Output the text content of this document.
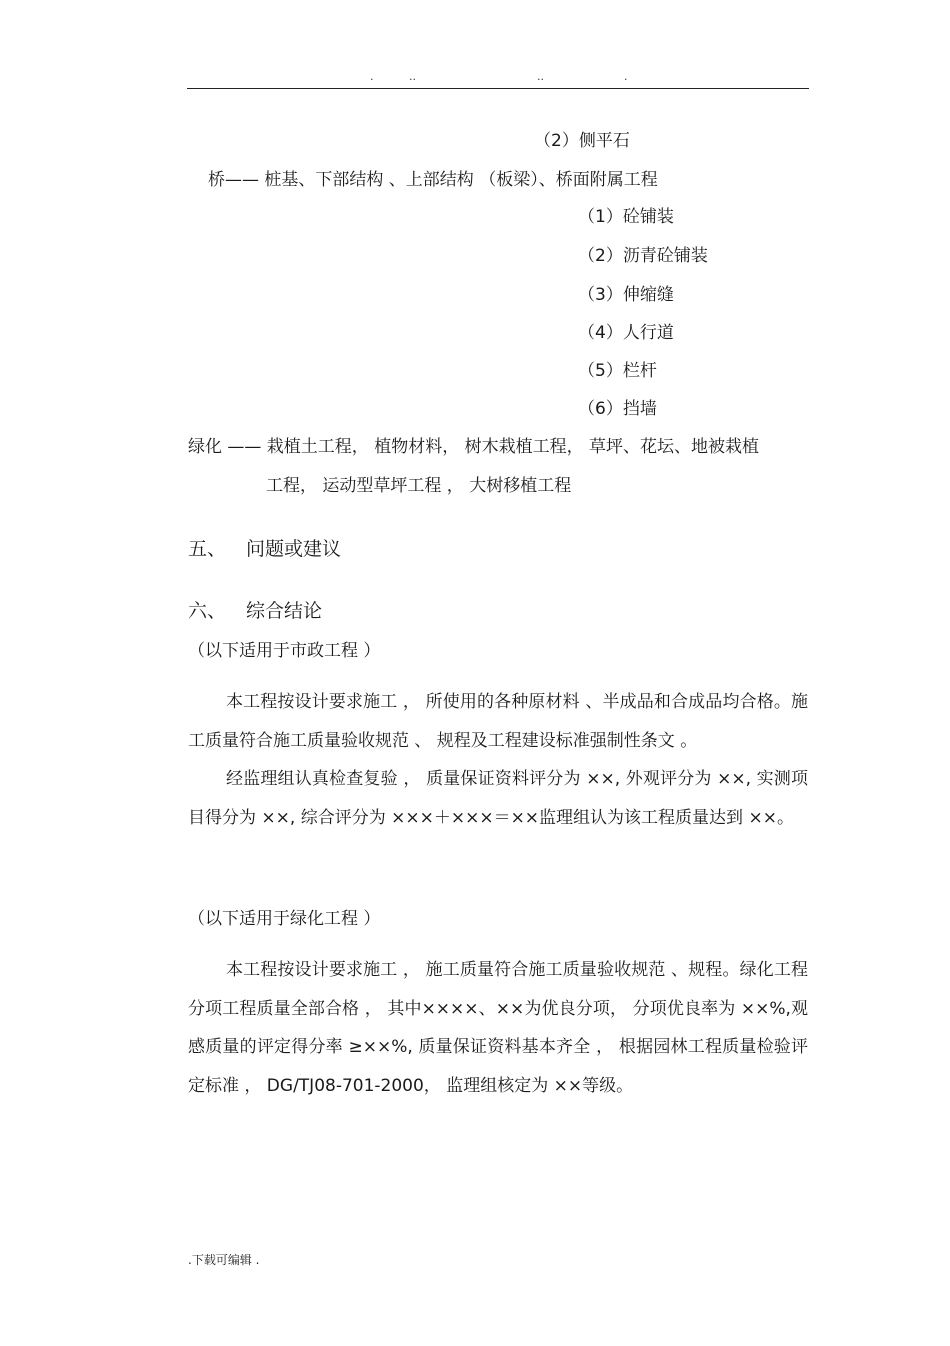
.	..	..	.
（2）侧平石
桥—— 桩基、下部结构 、上部结构 （板梁）、桥面附属工程
（1）砼铺装
（2）沥青砼铺装
（3）伸缩缝
（4）人行道
（5）栏杆
（6）挡墙
绿化 —— 栽植土工程， 植物材料， 树木栽植工程， 草坪、花坛、地被栽植
工程， 运动型草坪工程 ， 大树移植工程
五、 问题或建议
六、 综合结论
（以下适用于市政工程 ）
本工程按设计要求施工 ， 所使用的各种原材料 、半成品和合成品均合格。施工质量符合施工质量验收规范 、 规程及工程建设标准强制性条文 。
经监理组认真检查复验 ， 质量保证资料评分为 ××, 外观评分为 ××, 实测项目得分为 ××, 综合评分为 ×××＋×××＝××监理组认为该工程质量达到 ××。
（以下适用于绿化工程 ）
本工程按设计要求施工 ， 施工质量符合施工质量验收规范 、规程。绿化工程分项工程质量全部合格 ， 其中××××、××为优良分项， 分项优良率为 ××%,观感质量的评定得分率 ≥××%, 质量保证资料基本齐全 ， 根据园林工程质量检验评定标准 ， DG/TJ08-701-2000， 监理组核定为 ××等级。
.下载可编辑 .
